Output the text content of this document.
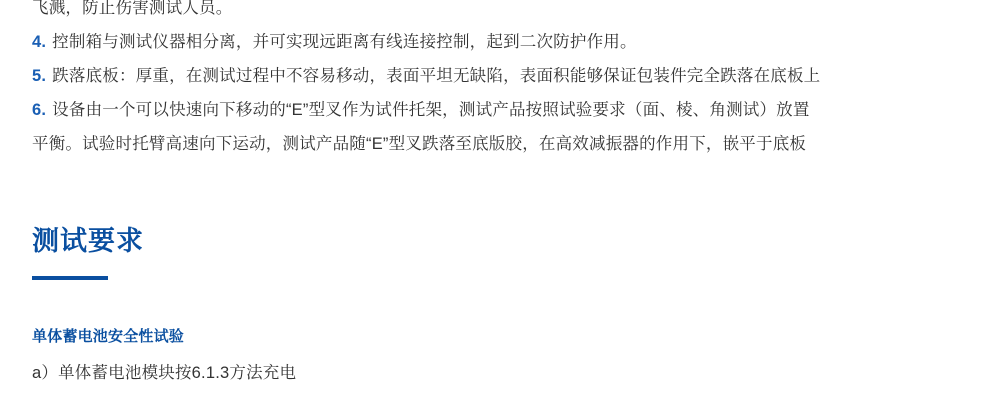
飞溅，防止伤害测试人员。
4. 控制箱与测试仪器相分离，并可实现远距离有线连接控制，起到二次防护作用。
5. 跌落底板：厚重，在测试过程中不容易移动，表面平坦无缺陷，表面积能够保证包装件完全跌落在底板上
6. 设备由一个可以快速向下移动的“E”型叉作为试件托架，测试产品按照试验要求（面、棱、角测试）放置
平衡。试验时托臂高速向下运动，测试产品随“E”型叉跌落至底版胶，在高效减振器的作用下，嵌平于底板
测试要求
单体蓄电池安全性试验
a）单体蓄电池模块按6.1.3方法充电
